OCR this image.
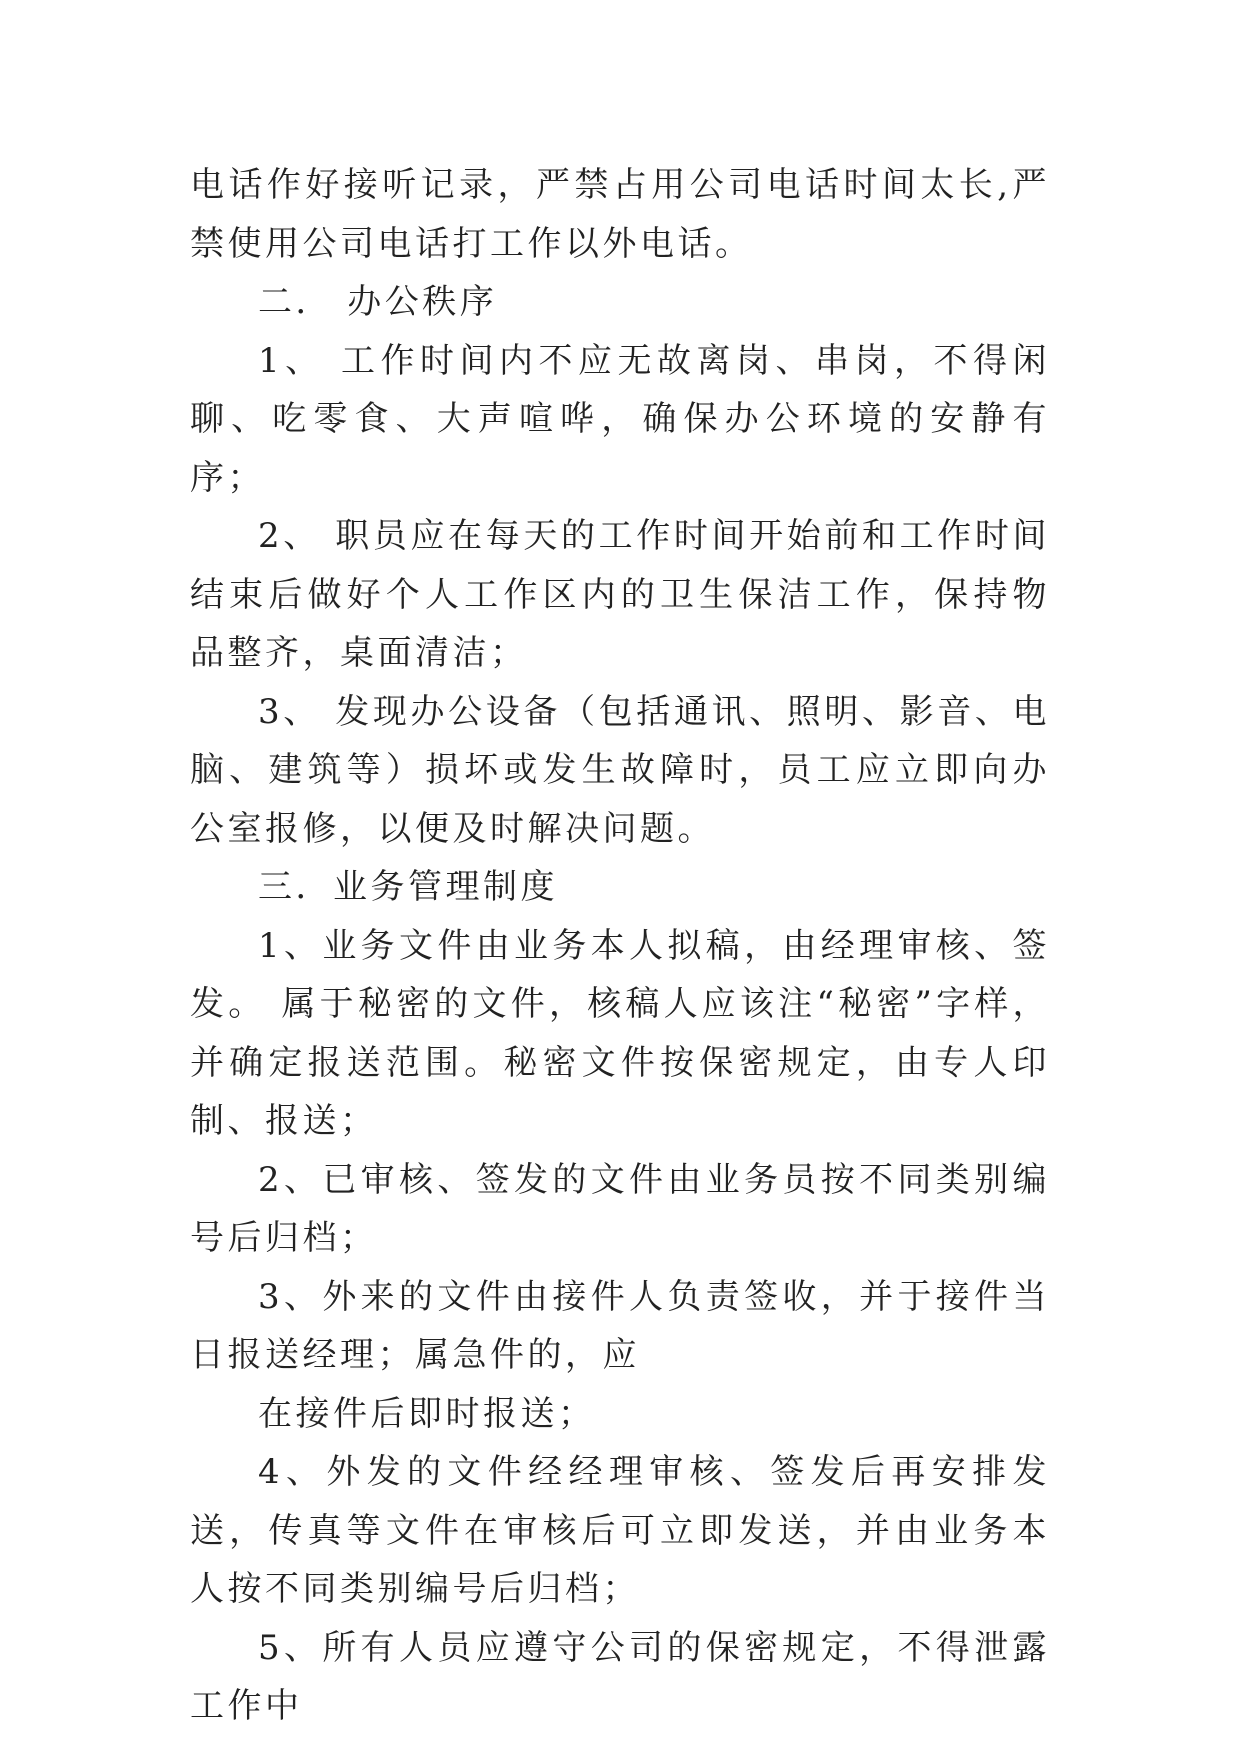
电话作好接听记录，严禁占用公司电话时间太长,严禁使用公司电话打工作以外电话。

二． 办公秩序

1、 工作时间内不应无故离岗、串岗，不得闲聊、吃零食、大声喧哗，确保办公环境的安静有序；

2、 职员应在每天的工作时间开始前和工作时间结束后做好个人工作区内的卫生保洁工作，保持物品整齐，桌面清洁；

3、 发现办公设备（包括通讯、照明、影音、电脑、建筑等）损坏或发生故障时，员工应立即向办公室报修，以便及时解决问题。

三．业务管理制度

1、业务文件由业务本人拟稿，由经理审核、签发。 属于秘密的文件，核稿人应该注“秘密”字样，并确定报送范围。秘密文件按保密规定，由专人印制、报送；

2、已审核、签发的文件由业务员按不同类别编号后归档；

3、外来的文件由接件人负责签收，并于接件当日报送经理；属急件的，应

在接件后即时报送；

4、外发的文件经经理审核、签发后再安排发送，传真等文件在审核后可立即发送，并由业务本人按不同类别编号后归档；

5、所有人员应遵守公司的保密规定，不得泄露工作中
